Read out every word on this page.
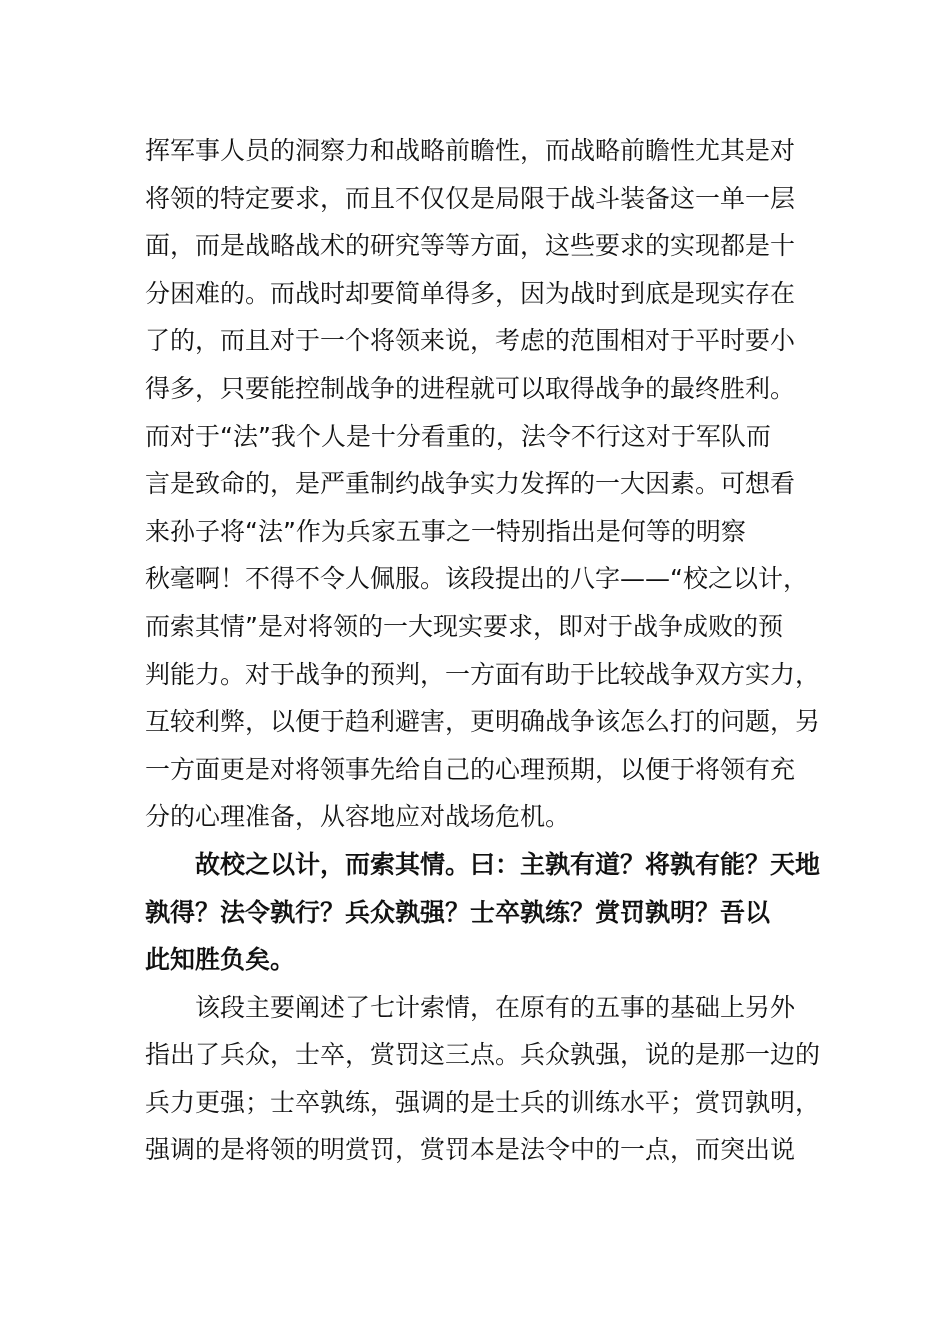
挥军事人员的洞察力和战略前瞻性，而战略前瞻性尤其是对
将领的特定要求，而且不仅仅是局限于战斗装备这一单一层
面，而是战略战术的研究等等方面，这些要求的实现都是十
分困难的。而战时却要简单得多，因为战时到底是现实存在
了的，而且对于一个将领来说，考虑的范围相对于平时要小
得多，只要能控制战争的进程就可以取得战争的最终胜利。
而对于“法”我个人是十分看重的，法令不行这对于军队而
言是致命的，是严重制约战争实力发挥的一大因素。可想看
来孙子将“法”作为兵家五事之一特别指出是何等的明察
秋毫啊！不得不令人佩服。该段提出的八字——“校之以计，
而索其情”是对将领的一大现实要求，即对于战争成败的预
判能力。对于战争的预判，一方面有助于比较战争双方实力，
互较利弊，以便于趋利避害，更明确战争该怎么打的问题，另
一方面更是对将领事先给自己的心理预期，以便于将领有充
分的心理准备，从容地应对战场危机。
故校之以计，而索其情。曰：主孰有道？将孰有能？天地
孰得？法令孰行？兵众孰强？士卒孰练？赏罚孰明？吾以
此知胜负矣。
该段主要阐述了七计索情，在原有的五事的基础上另外
指出了兵众，士卒，赏罚这三点。兵众孰强，说的是那一边的
兵力更强；士卒孰练，强调的是士兵的训练水平；赏罚孰明，
强调的是将领的明赏罚，赏罚本是法令中的一点，而突出说
